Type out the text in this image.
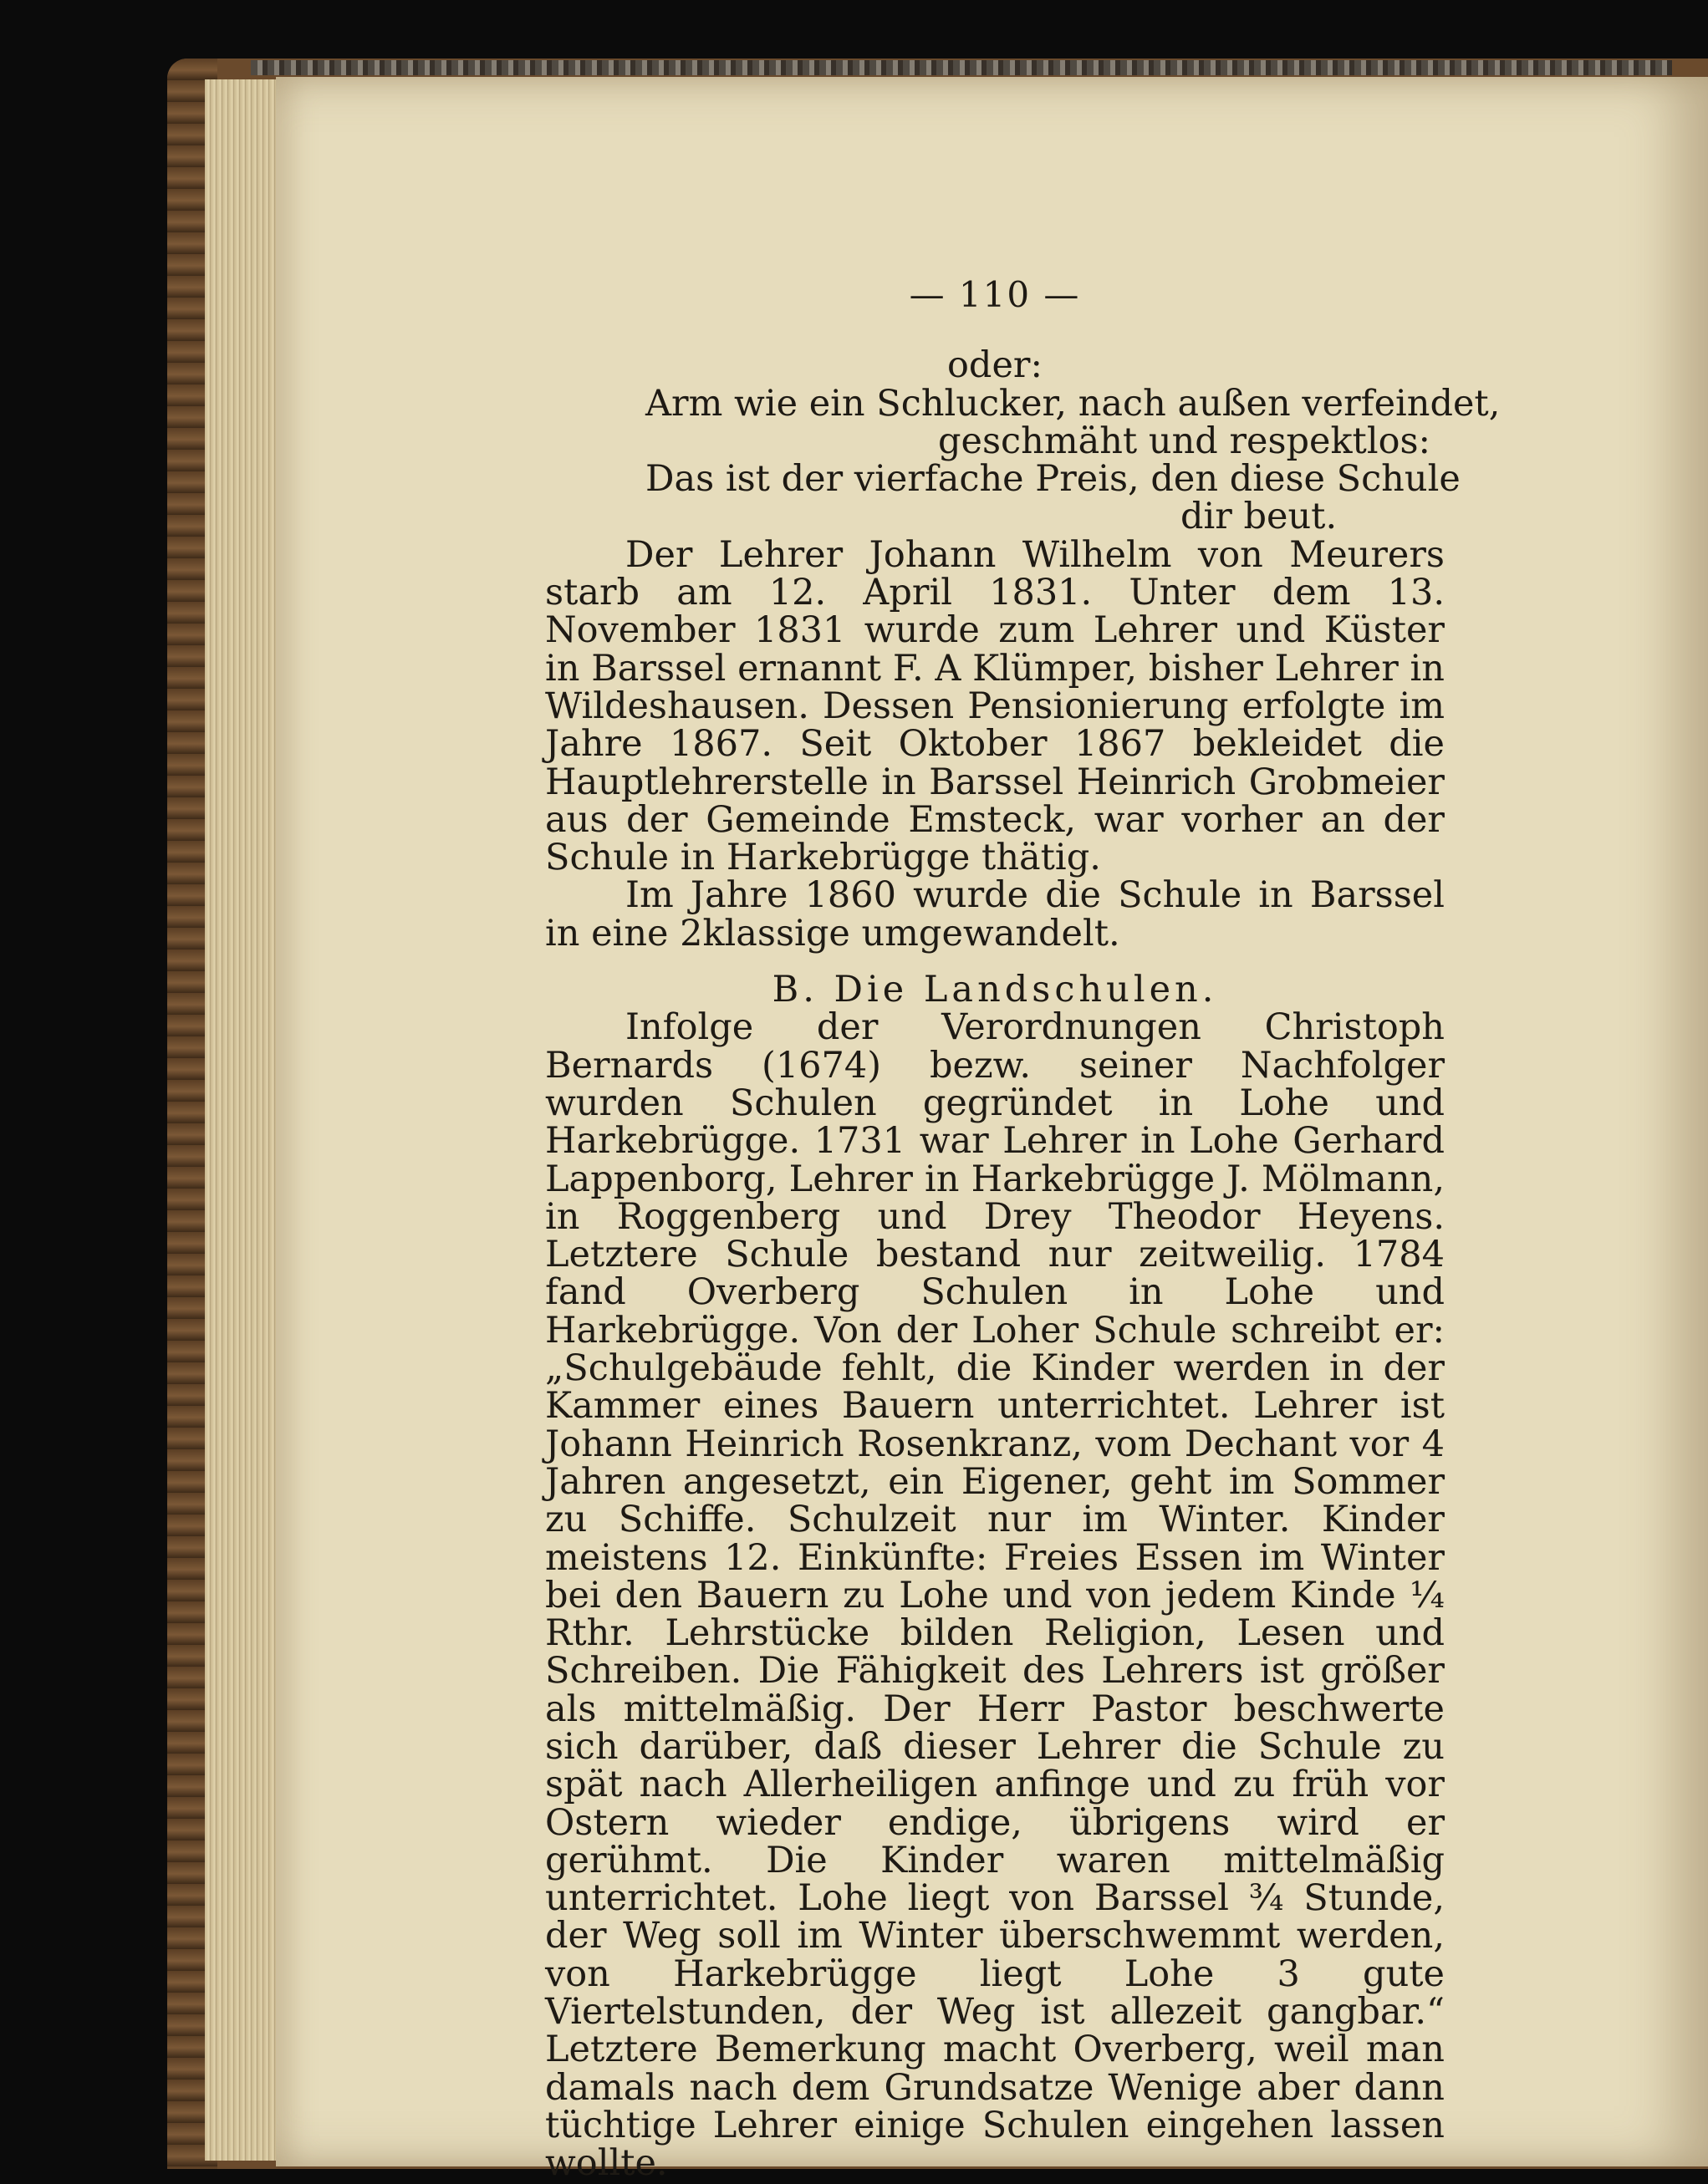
— 110 —
oder:
Arm wie ein Schlucker, nach außen verfeindet,
geschmäht und respektlos:
Das ist der vierfache Preis, den diese Schule
dir beut.

Der Lehrer Johann Wilhelm von Meurers starb am 12. April 1831. Unter dem 13. November 1831 wurde zum Lehrer und Küster in Barssel ernannt F. A Klümper, bisher Lehrer in Wildeshausen. Dessen Pensionierung erfolgte im Jahre 1867. Seit Oktober 1867 bekleidet die Hauptlehrerstelle in Barssel Heinrich Grobmeier aus der Gemeinde Emsteck, war vorher an der Schule in Harkebrügge thätig.

Im Jahre 1860 wurde die Schule in Barssel in eine 2klassige umgewandelt.

B. Die Landschulen.

Infolge der Verordnungen Christoph Bernards (1674) bezw. seiner Nachfolger wurden Schulen gegründet in Lohe und Harkebrügge. 1731 war Lehrer in Lohe Gerhard Lappenborg, Lehrer in Harkebrügge J. Mölmann, in Roggenberg und Drey Theodor Heyens. Letztere Schule bestand nur zeitweilig. 1784 fand Overberg Schulen in Lohe und Harkebrügge. Von der Loher Schule schreibt er: „Schulgebäude fehlt, die Kinder werden in der Kammer eines Bauern unterrichtet. Lehrer ist Johann Heinrich Rosenkranz, vom Dechant vor 4 Jahren angesetzt, ein Eigener, geht im Sommer zu Schiffe. Schulzeit nur im Winter. Kinder meistens 12. Einkünfte: Freies Essen im Winter bei den Bauern zu Lohe und von jedem Kinde ¼ Rthr. Lehrstücke bilden Religion, Lesen und Schreiben. Die Fähigkeit des Lehrers ist größer als mittelmäßig. Der Herr Pastor beschwerte sich darüber, daß dieser Lehrer die Schule zu spät nach Allerheiligen anfinge und zu früh vor Ostern wieder endige, übrigens wird er gerühmt. Die Kinder waren mittelmäßig unterrichtet. Lohe liegt von Barssel ¾ Stunde, der Weg soll im Winter überschwemmt werden, von Harkebrügge liegt Lohe 3 gute Viertelstunden, der Weg ist allezeit gangbar.“ Letztere Bemerkung macht Overberg, weil man damals nach dem Grundsatze Wenige aber dann tüchtige Lehrer einige Schulen eingehen lassen wollte.
